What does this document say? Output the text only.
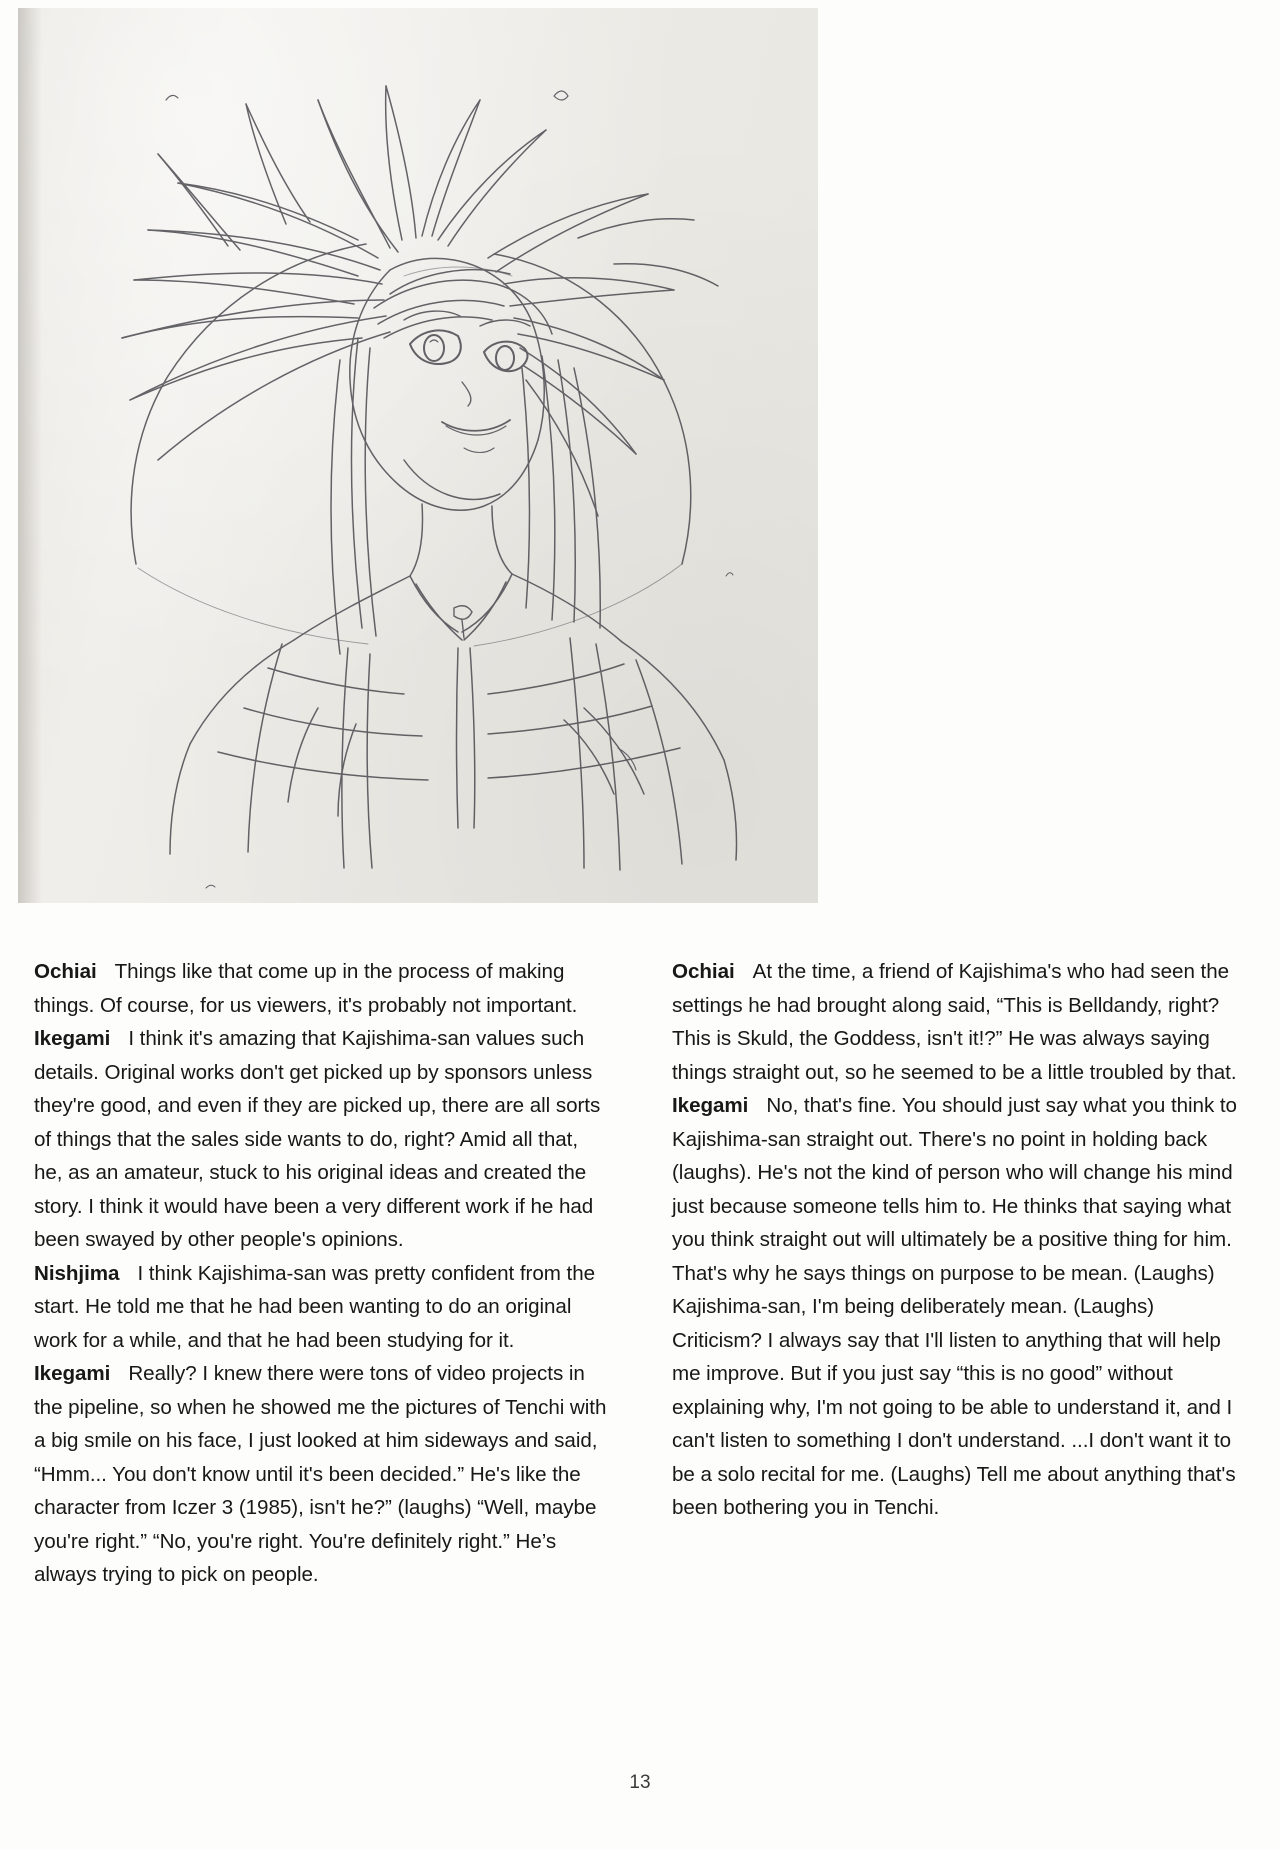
Ochiai Things like that come up in the process of making things. Of course, for us viewers, it's probably not important.

Ikegami I think it's amazing that Kajishima-san values such details. Original works don't get picked up by sponsors unless they're good, and even if they are picked up, there are all sorts of things that the sales side wants to do, right? Amid all that, he, as an amateur, stuck to his original ideas and created the story. I think it would have been a very different work if he had been swayed by other people's opinions.

Nishjima I think Kajishima-san was pretty confident from the start. He told me that he had been wanting to do an original work for a while, and that he had been studying for it.

Ikegami Really? I knew there were tons of video projects in the pipeline, so when he showed me the pictures of Tenchi with a big smile on his face, I just looked at him sideways and said, “Hmm... You don't know until it's been decided.” He's like the character from Iczer 3 (1985), isn't he?” (laughs) “Well, maybe you're right.” “No, you're right. You're definitely right.” He’s always trying to pick on people.

Ochiai At the time, a friend of Kajishima's who had seen the settings he had brought along said, “This is Belldandy, right? This is Skuld, the Goddess, isn't it!?” He was always saying things straight out, so he seemed to be a little troubled by that.

Ikegami No, that's fine. You should just say what you think to Kajishima-san straight out. There's no point in holding back (laughs). He's not the kind of person who will change his mind just because someone tells him to. He thinks that saying what you think straight out will ultimately be a positive thing for him. That's why he says things on purpose to be mean. (Laughs) Kajishima-san, I'm being deliberately mean. (Laughs) Criticism? I always say that I'll listen to anything that will help me improve. But if you just say “this is no good” without explaining why, I'm not going to be able to understand it, and I can't listen to something I don't understand. ...I don't want it to be a solo recital for me. (Laughs) Tell me about anything that's been bothering you in Tenchi.

13
